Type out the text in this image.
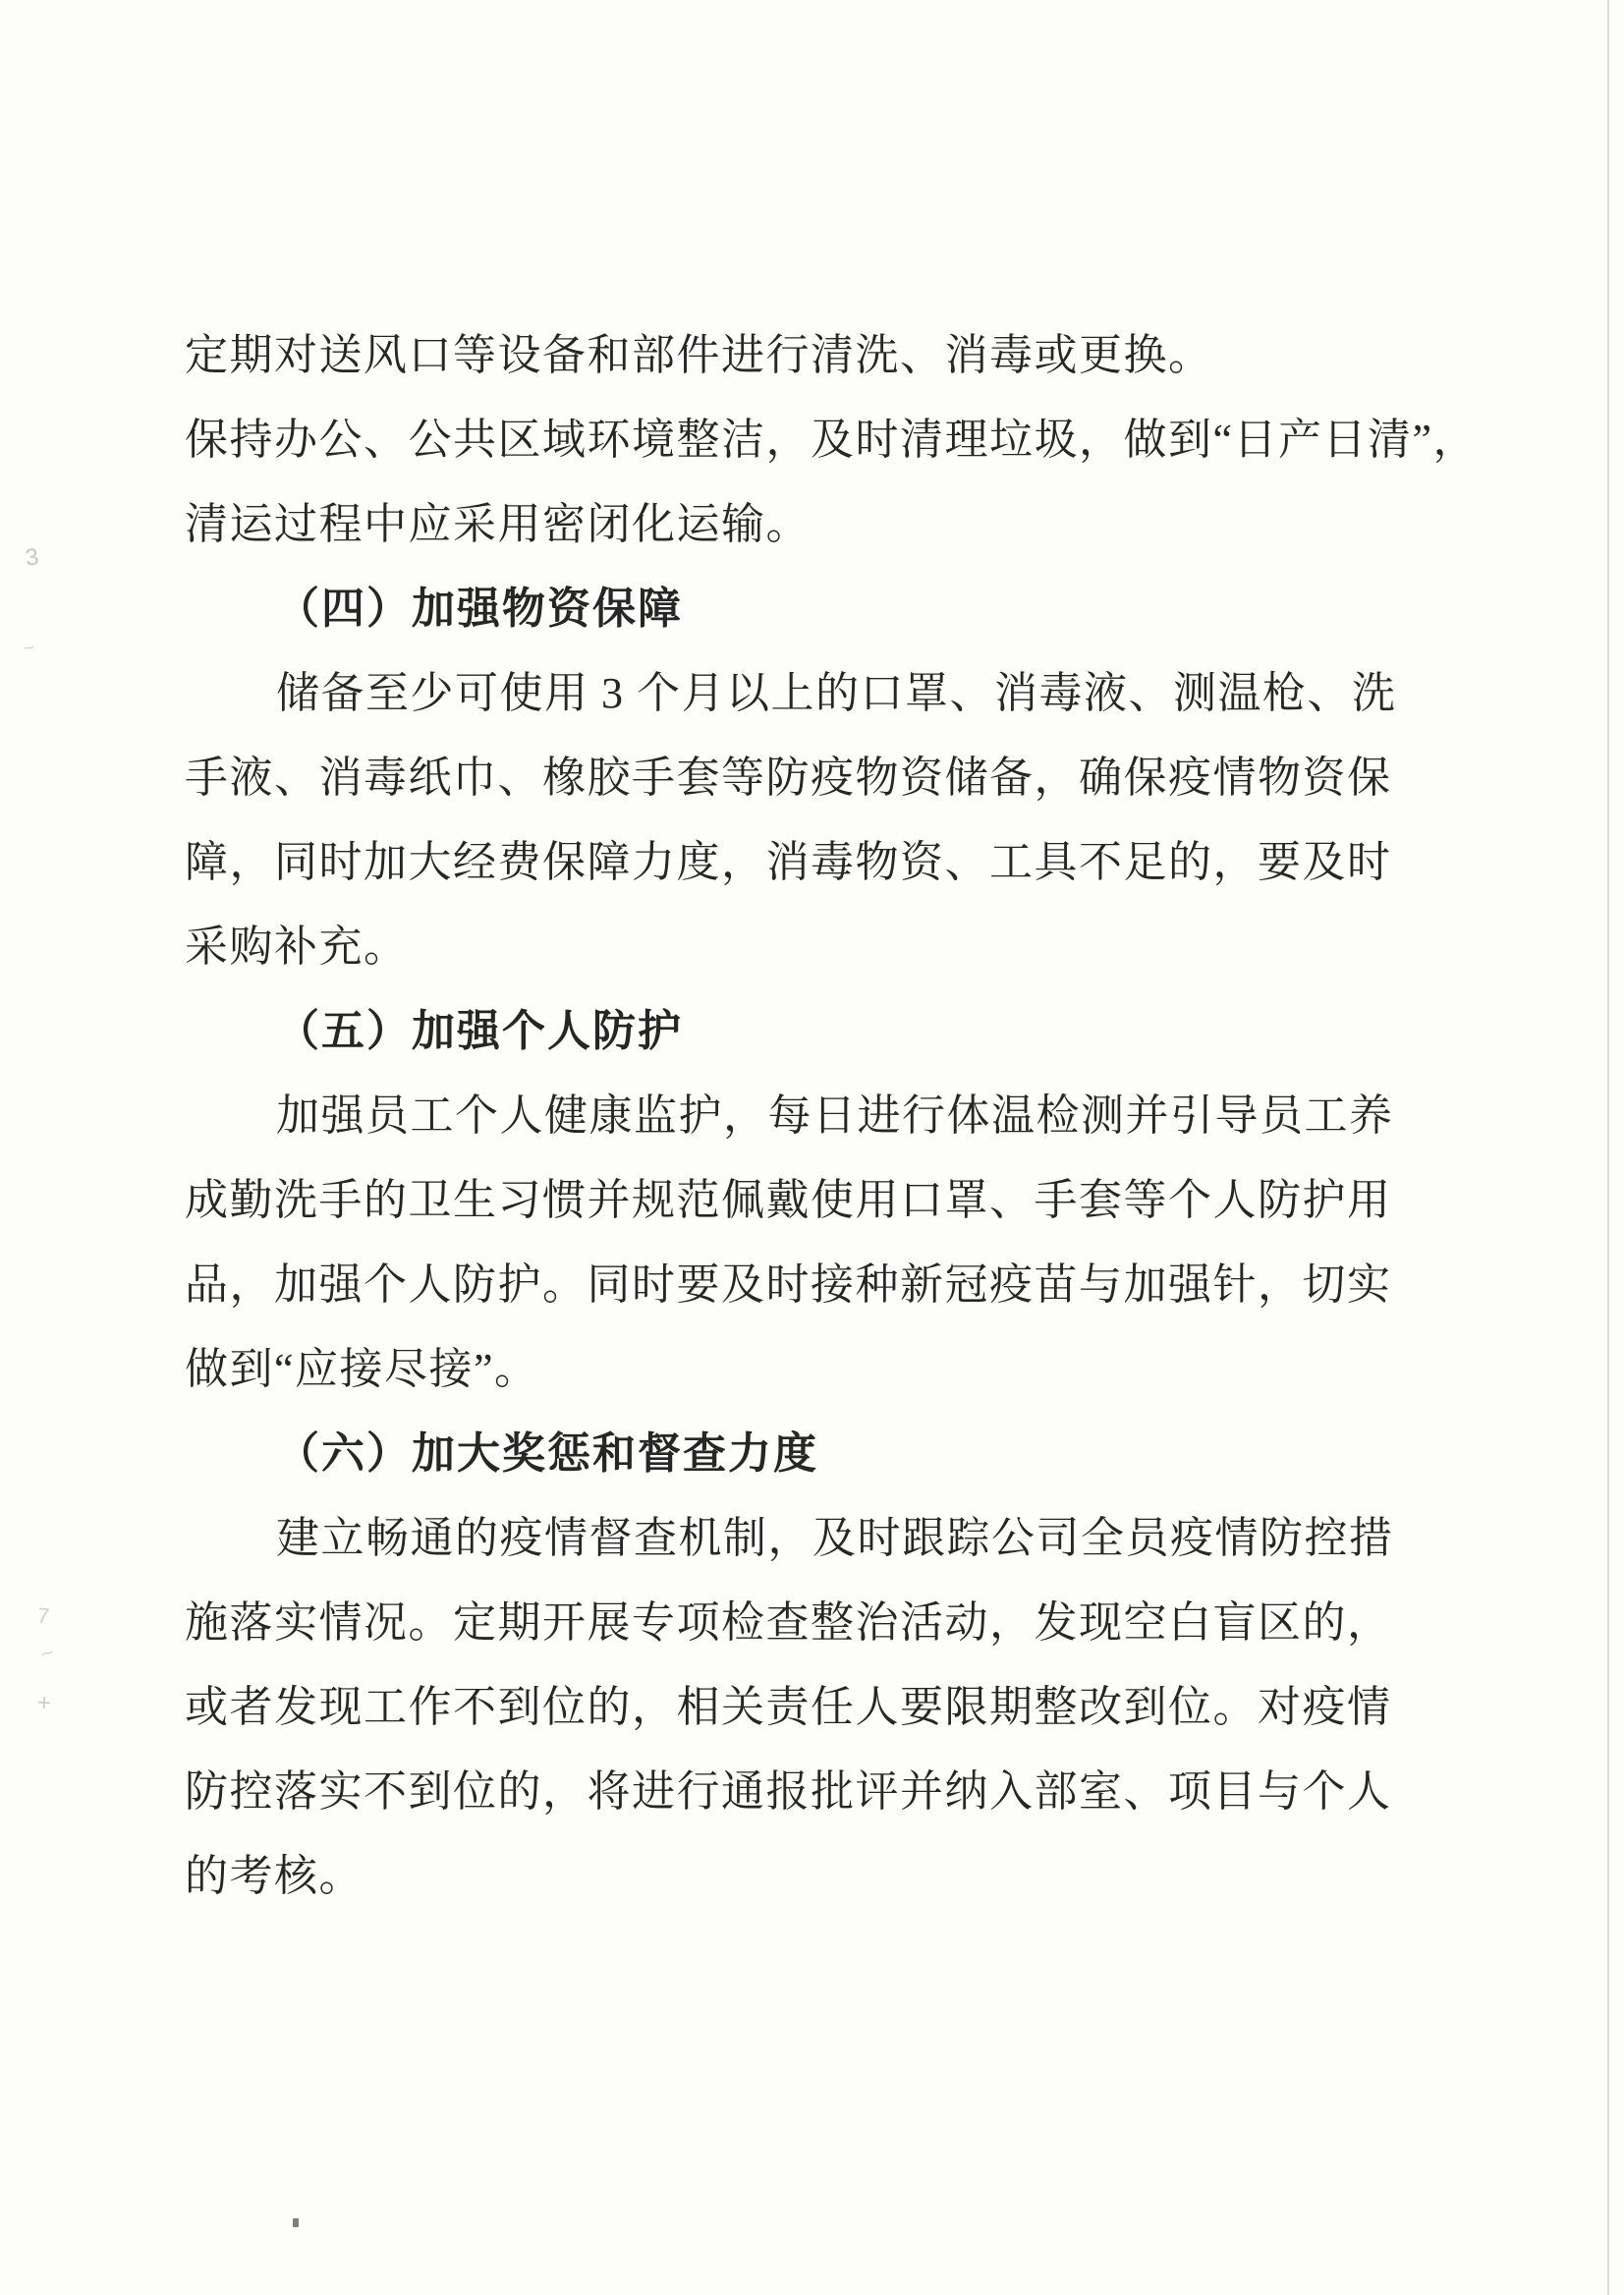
定期对送风口等设备和部件进行清洗、消毒或更换。
保持办公、公共区域环境整洁，及时清理垃圾，做到“日产日清”，
清运过程中应采用密闭化运输。
（四）加强物资保障
储备至少可使用 3 个月以上的口罩、消毒液、测温枪、洗
手液、消毒纸巾、橡胶手套等防疫物资储备，确保疫情物资保
障，同时加大经费保障力度，消毒物资、工具不足的，要及时
采购补充。
（五）加强个人防护
加强员工个人健康监护，每日进行体温检测并引导员工养
成勤洗手的卫生习惯并规范佩戴使用口罩、手套等个人防护用
品，加强个人防护。同时要及时接种新冠疫苗与加强针，切实
做到“应接尽接”。
（六）加大奖惩和督查力度
建立畅通的疫情督查机制，及时跟踪公司全员疫情防控措
施落实情况。定期开展专项检查整治活动，发现空白盲区的，
或者发现工作不到位的，相关责任人要限期整改到位。对疫情
防控落实不到位的，将进行通报批评并纳入部室、项目与个人
的考核。
3
~
7
~
+
